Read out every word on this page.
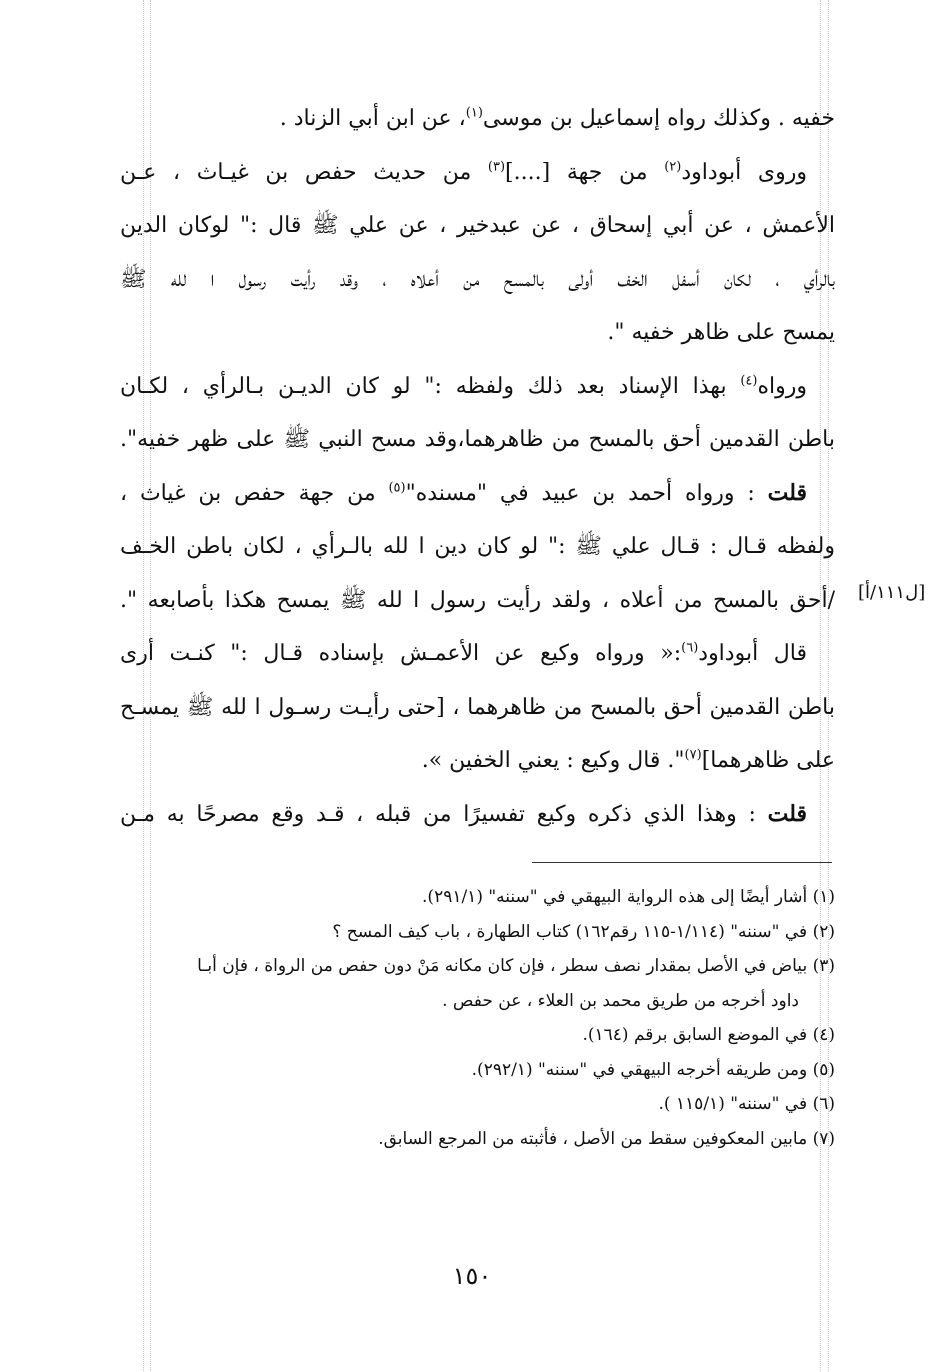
خفيه . وكذلك رواه إسماعيل بن موسى$^{(١)}$، عن ابن أبي الزناد .

وروى أبوداود$^{(٢)}$ من جهة [....]$^{(٣)}$ من حديث حفص بن غيـاث ، عـن

الأعمش ، عن أبي إسحاق ، عن عبدخير ، عن علي ﷺ قال :" لوكان الدين

بالرأي ، لكان أسفل الخف أولى بالمسح من أعلاه ، وقد رأيت رسول ا لله ﷺ

يمسح على ظاهر خفيه ".

ورواه$^{(٤)}$ بهذا الإسناد بعد ذلك ولفظه :" لو كان الديـن بـالرأي ، لكـان

باطن القدمين أحق بالمسح من ظاهرهما،وقد مسح النبي ﷺ على ظهر خفيه".

قلت : ورواه أحمد بن عبيد في "مسنده"$^{(٥)}$ من جهة حفص بن غياث ،

ولفظه قـال : قـال علي ﷺ :" لو كان دين ا لله بالـرأي ، لكان باطن الخـف

/أحق بالمسح من أعلاه ، ولقد رأيت رسول ا لله ﷺ يمسح هكذا بأصابعه ".

قال أبوداود$^{(٦)}$:« ورواه وكيع عن الأعمـش بإسناده قـال :" كنـت أرى

باطن القدمين أحق بالمسح من ظاهرهما ، [حتى رأيـت رسـول ا لله ﷺ يمسـح

على ظاهرهما]$^{(٧)}$". قال وكيع : يعني الخفين ».

قلت : وهذا الذي ذكره وكيع تفسيرًا من قبله ، قـد وقع مصرحًا به مـن

[ل١١١/أ]

(١) أشار أيضًا إلى هذه الرواية البيهقي في "سننه" (٢٩١/١).

(٢) في "سننه" (١/١١٤-١١٥ رقم١٦٢) كتاب الطهارة ، باب كيف المسح ؟

(٣) بياض في الأصل بمقدار نصف سطر ، فإن كان مكانه مَنْ دون حفص من الرواة ، فإن أبـا

داود أخرجه من طريق محمد بن العلاء ، عن حفص .

(٤) في الموضع السابق برقم (١٦٤).

(٥) ومن طريقه أخرجه البيهقي في "سننه" (٢٩٢/١).

(٦) في "سننه" (١١٥/١ ).

(٧) مابين المعكوفين سقط من الأصل ، فأثبته من المرجع السابق.

١٥٠
